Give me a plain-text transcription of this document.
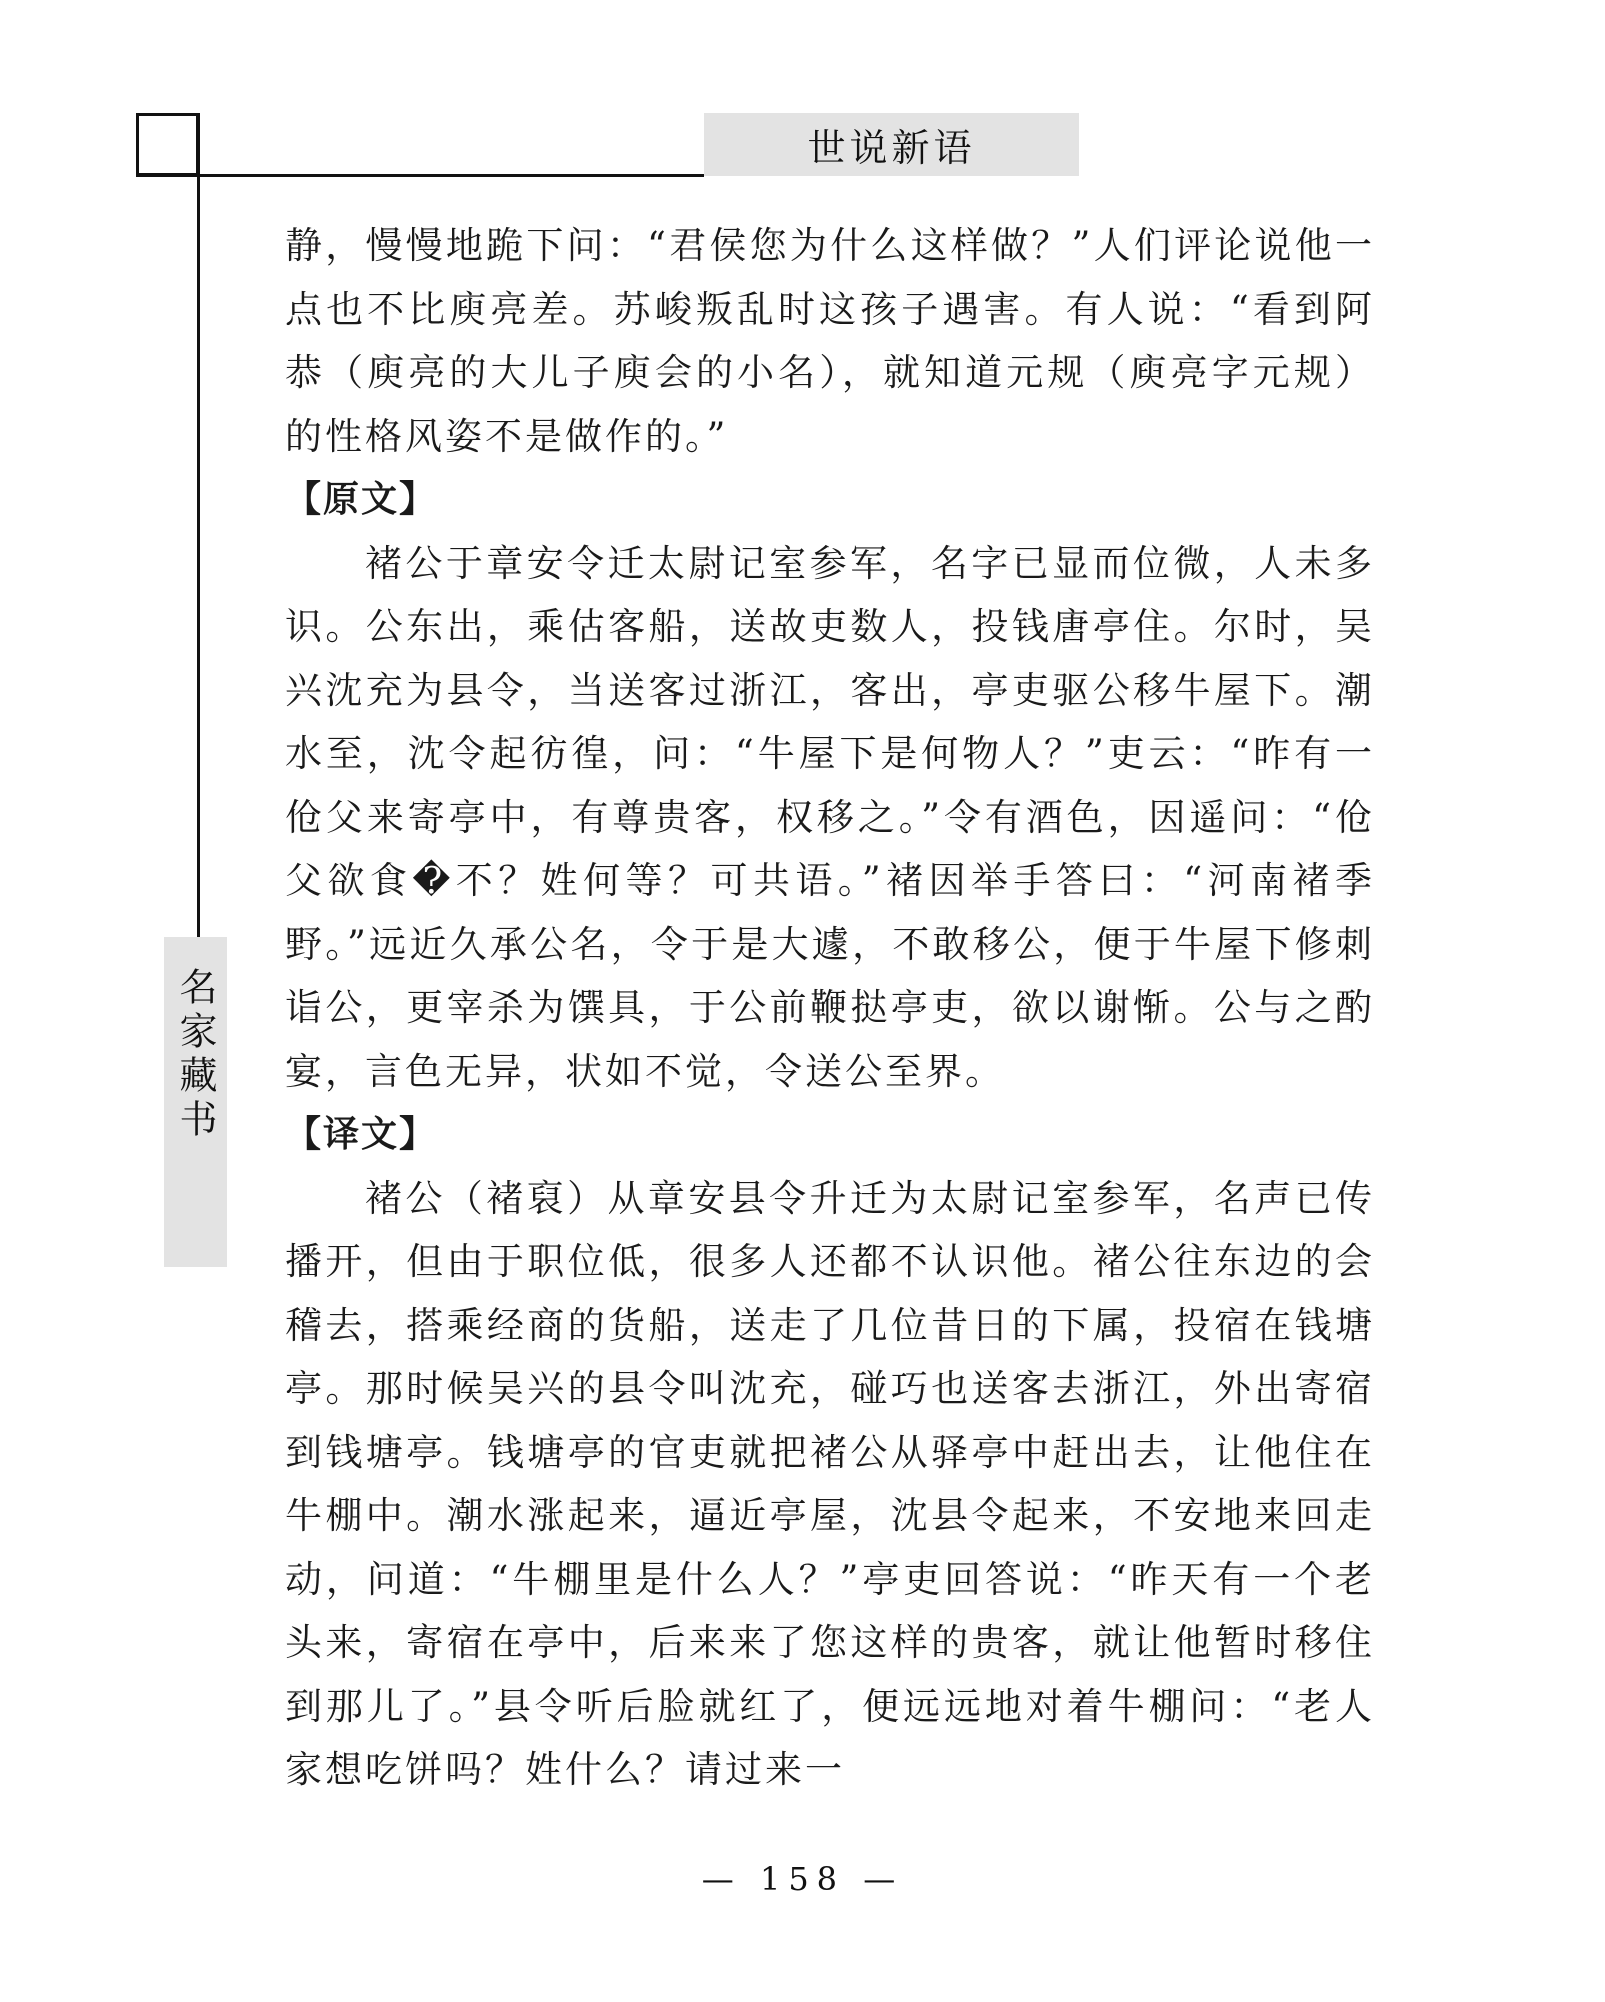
世说新语
名家藏书

静，慢慢地跪下问：“君侯您为什么这样做？”人们评论说他一点也不比庾亮差。苏峻叛乱时这孩子遇害。有人说：“看到阿恭（庾亮的大儿子庾会的小名），就知道元规（庾亮字元规）的性格风姿不是做作的。”

【原文】

褚公于章安令迁太尉记室参军，名字已显而位微，人未多识。公东出，乘估客船，送故吏数人，投钱唐亭住。尔时，吴兴沈充为县令，当送客过浙江，客出，亭吏驱公移牛屋下。潮水至，沈令起彷徨，问：“牛屋下是何物人？”吏云：“昨有一伧父来寄亭中，有尊贵客，权移之。”令有酒色，因遥问：“伧父欲食�不？姓何等？可共语。”褚因举手答曰：“河南褚季野。”远近久承公名，令于是大遽，不敢移公，便于牛屋下修刺诣公，更宰杀为馔具，于公前鞭挞亭吏，欲以谢惭。公与之酌宴，言色无异，状如不觉，令送公至界。

【译文】

褚公（褚裒）从章安县令升迁为太尉记室参军，名声已传播开，但由于职位低，很多人还都不认识他。褚公往东边的会稽去，搭乘经商的货船，送走了几位昔日的下属，投宿在钱塘亭。那时候吴兴的县令叫沈充，碰巧也送客去浙江，外出寄宿到钱塘亭。钱塘亭的官吏就把褚公从驿亭中赶出去，让他住在牛棚中。潮水涨起来，逼近亭屋，沈县令起来，不安地来回走动，问道：“牛棚里是什么人？”亭吏回答说：“昨天有一个老头来，寄宿在亭中，后来来了您这样的贵客，就让他暂时移住到那儿了。”县令听后脸就红了，便远远地对着牛棚问：“老人家想吃饼吗？姓什么？请过来一

— 158 —
